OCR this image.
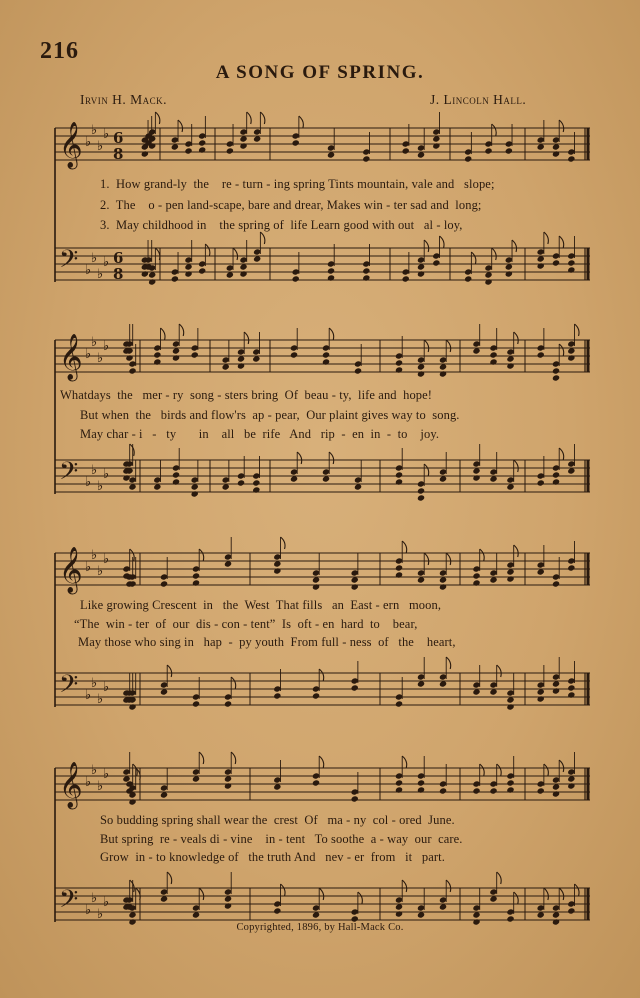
216
A SONG OF SPRING.
Irvin H. Mack.	J. Lincoln Hall.
𝄞 ♭
♭
♭
♭ 6
8
𝄢 ♭
♭
♭
♭ 6
8
1.  How grand-ly  the    re - turn - ing spring Tints mountain, vale and   slope;
2.  The    o - pen land-scape, bare and drear, Makes win - ter sad and  long;
3.  May childhood in    the spring of  life Learn good with out   al - loy,
𝄞 ♭
♭
♭
♭
𝄢 ♭
♭
♭
♭
Whatdays  the   mer - ry  song - sters bring  Of  beau - ty,  life and  hope!
But when  the   birds and flow'rs  ap - pear,  Our plaint gives way to  song.
May char - i   -   ty       in    all   be  rife   And   rip  -  en  in  -  to    joy.
𝄞 ♭
♭
♭
♭
𝄢 ♭
♭
♭
♭
Like growing Crescent  in   the  West  That fills   an  East - ern   moon,
“The  win - ter  of  our  dis - con - tent”  Is  oft - en  hard  to    bear,
May those who sing in   hap  -  py youth  From full - ness  of   the    heart,
𝄞 ♭
♭
♭
♭
𝄢 ♭
♭
♭
♭
So budding spring shall wear the  crest  Of   ma - ny  col - ored  June.
But spring  re - veals di - vine    in - tent   To soothe  a - way  our  care.
Grow  in - to knowledge of   the truth And   nev - er  from   it   part.
Copyrighted, 1896, by Hall-Mack Co.
